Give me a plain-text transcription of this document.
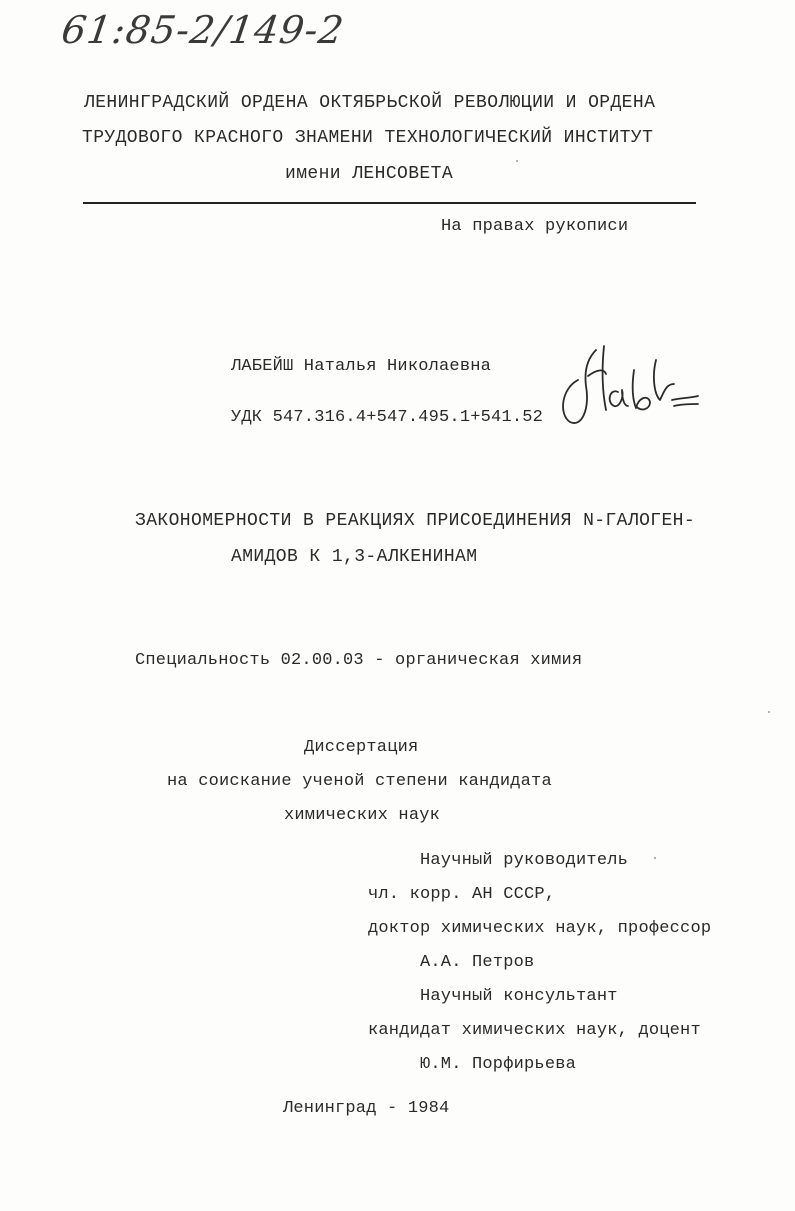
61:85-2/149-2
ЛЕНИНГРАДСКИЙ ОРДЕНА ОКТЯБРЬСКОЙ РЕВОЛЮЦИИ И ОРДЕНА
ТРУДОВОГО КРАСНОГО ЗНАМЕНИ ТЕХНОЛОГИЧЕСКИЙ ИНСТИТУТ
имени ЛЕНСОВЕТА
На правах рукописи
ЛАБЕЙШ Наталья Николаевна
УДК 547.316.4+547.495.1+541.52
Лабейш
ЗАКОНОМЕРНОСТИ В РЕАКЦИЯХ ПРИСОЕДИНЕНИЯ N-ГАЛОГЕН-
АМИДОВ К 1,3-АЛКЕНИНАМ
Специальность 02.00.03 - органическая химия
Диссертация
на соискание ученой степени кандидата
химических наук
Научный руководитель
чл. корр. АН СССР,
доктор химических наук, профессор
А.А. Петров
Научный консультант
кандидат химических наук, доцент
Ю.М. Порфирьева
Ленинград - 1984
